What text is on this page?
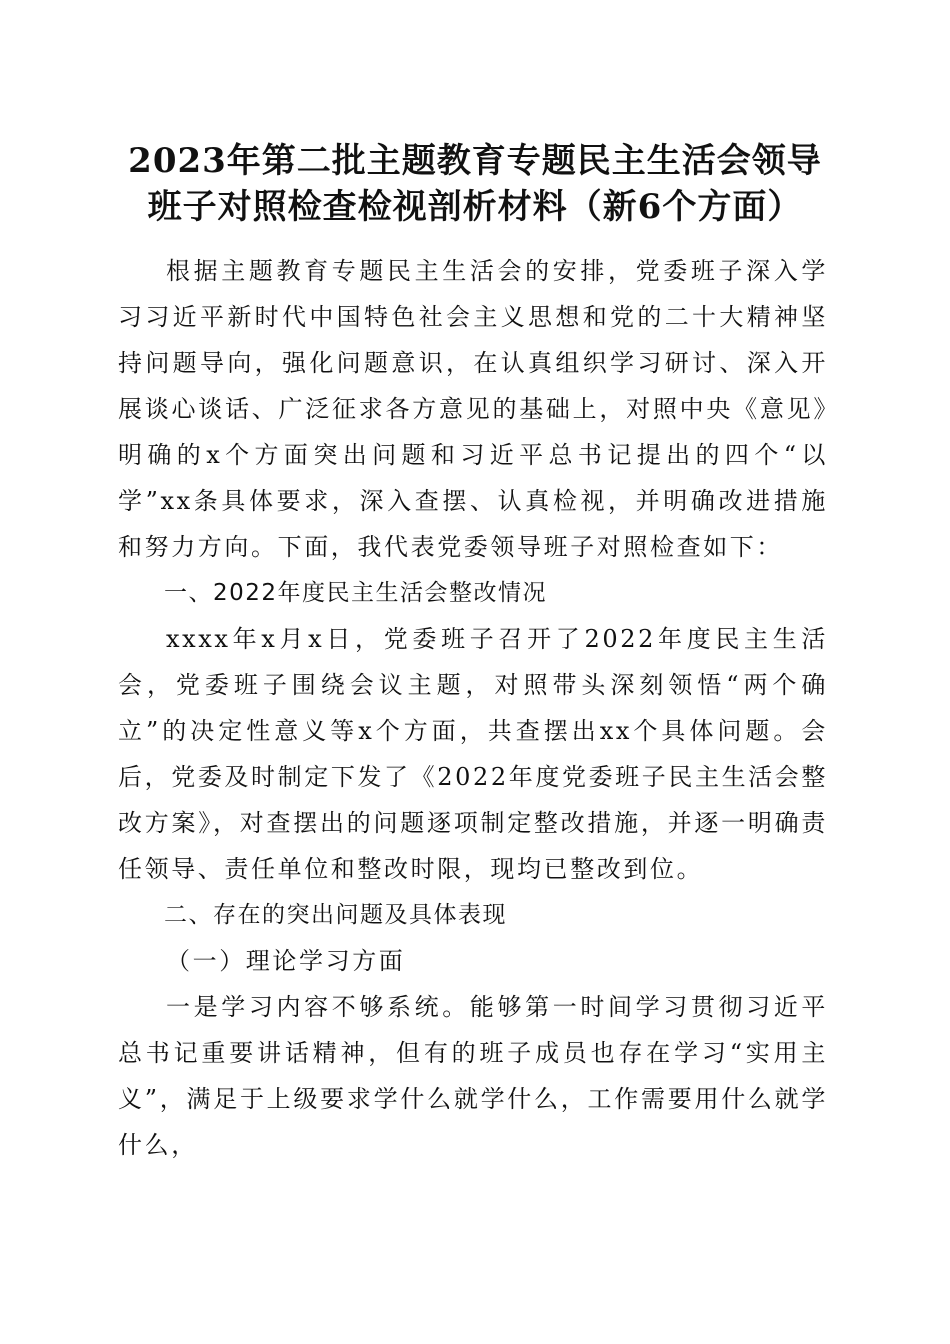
2023年第二批主题教育专题民主生活会领导
班子对照检查检视剖析材料（新6个方面）

根据主题教育专题民主生活会的安排，党委班子深入学习习近平新时代中国特色社会主义思想和党的二十大精神坚持问题导向，强化问题意识，在认真组织学习研讨、深入开展谈心谈话、广泛征求各方意见的基础上，对照中央《意见》明确的x个方面突出问题和习近平总书记提出的四个“以学”xx条具体要求，深入查摆、认真检视，并明确改进措施和努力方向。下面，我代表党委领导班子对照检查如下：

一、2022年度民主生活会整改情况

xxxx年x月x日，党委班子召开了2022年度民主生活会，党委班子围绕会议主题，对照带头深刻领悟“两个确立”的决定性意义等x个方面，共查摆出xx个具体问题。会后，党委及时制定下发了《2022年度党委班子民主生活会整改方案》，对查摆出的问题逐项制定整改措施，并逐一明确责任领导、责任单位和整改时限，现均已整改到位。

二、存在的突出问题及具体表现

（一）理论学习方面

一是学习内容不够系统。能够第一时间学习贯彻习近平总书记重要讲话精神，但有的班子成员也存在学习“实用主义”，满足于上级要求学什么就学什么，工作需要用什么就学什么，
